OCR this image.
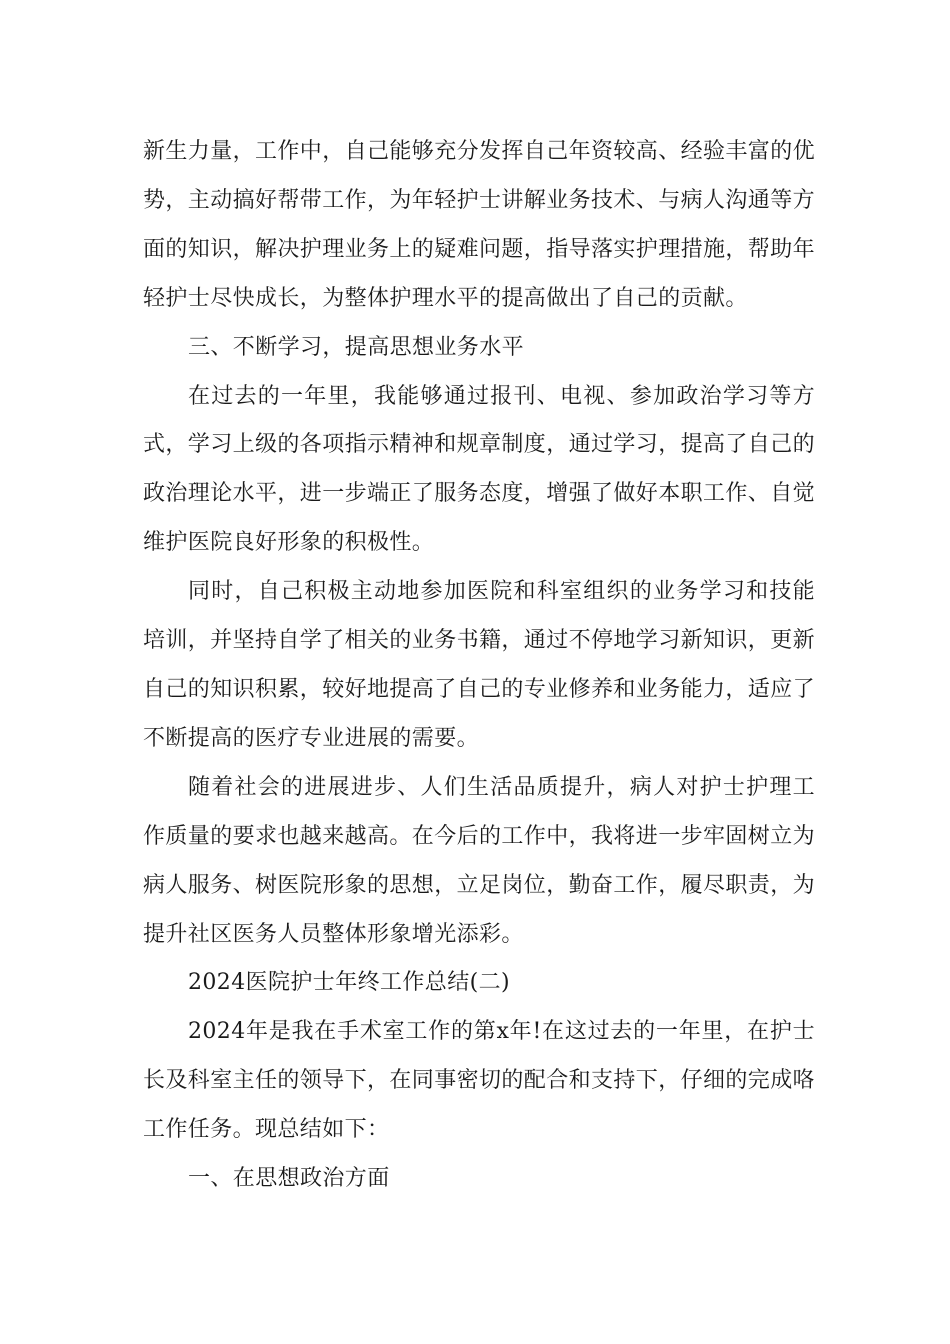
新生力量，工作中，自己能够充分发挥自己年资较高、经验丰富的优势，主动搞好帮带工作，为年轻护士讲解业务技术、与病人沟通等方面的知识，解决护理业务上的疑难问题，指导落实护理措施，帮助年轻护士尽快成长，为整体护理水平的提高做出了自己的贡献。

三、不断学习，提高思想业务水平

在过去的一年里，我能够通过报刊、电视、参加政治学习等方式，学习上级的各项指示精神和规章制度，通过学习，提高了自己的政治理论水平，进一步端正了服务态度，增强了做好本职工作、自觉维护医院良好形象的积极性。

同时，自己积极主动地参加医院和科室组织的业务学习和技能培训，并坚持自学了相关的业务书籍，通过不停地学习新知识，更新自己的知识积累，较好地提高了自己的专业修养和业务能力，适应了不断提高的医疗专业进展的需要。

随着社会的进展进步、人们生活品质提升，病人对护士护理工作质量的要求也越来越高。在今后的工作中，我将进一步牢固树立为病人服务、树医院形象的思想，立足岗位，勤奋工作，履尽职责，为提升社区医务人员整体形象增光添彩。

2024医院护士年终工作总结(二)

2024年是我在手术室工作的第x年!在这过去的一年里，在护士长及科室主任的领导下，在同事密切的配合和支持下，仔细的完成咯工作任务。现总结如下：

一、在思想政治方面
